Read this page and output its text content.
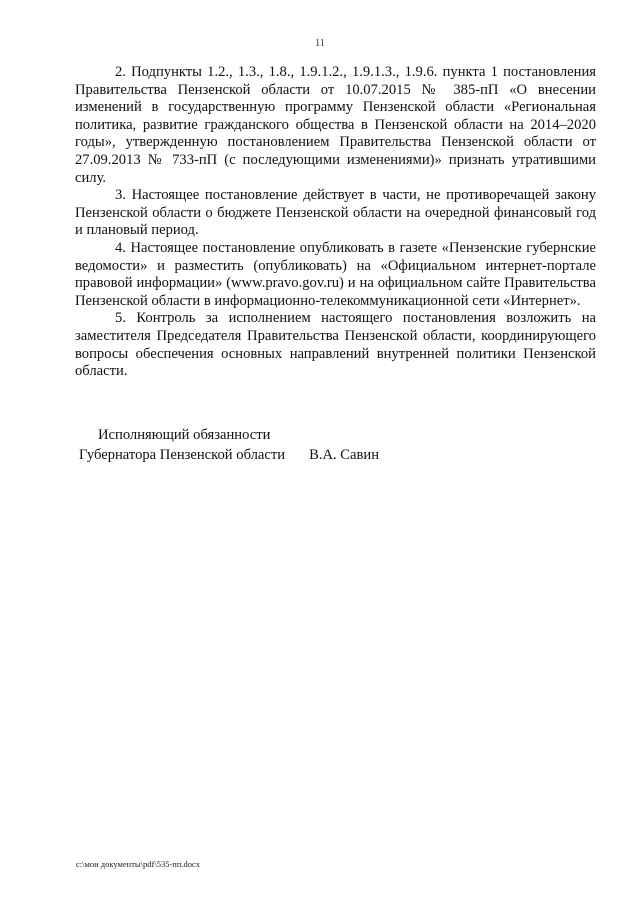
11

2. Подпункты 1.2., 1.3., 1.8., 1.9.1.2., 1.9.1.3., 1.9.6. пункта 1 постановления Правительства Пензенской области от 10.07.2015 № 385-пП «О внесении изменений в государственную программу Пензенской области «Региональная политика, развитие гражданского общества в Пензенской области на 2014–2020 годы», утвержденную постановлением Правительства Пензенской области от 27.09.2013 № 733-пП (с последующими изменениями)» признать утратившими силу.

3. Настоящее постановление действует в части, не противоречащей закону Пензенской области о бюджете Пензенской области на очередной финансовый год и плановый период.

4. Настоящее постановление опубликовать в газете «Пензенские губернские ведомости» и разместить (опубликовать) на «Официальном интернет-портале правовой информации» (www.pravo.gov.ru) и на официальном сайте Правительства Пензенской области в информационно-телекоммуникационной сети «Интернет».

5. Контроль за исполнением настоящего постановления возложить на заместителя Председателя Правительства Пензенской области, координирующего вопросы обеспечения основных направлений внутренней политики Пензенской области.

Исполняющий обязанности
Губернатора Пензенской области В.А. Савин
c:\мои документы\pdf\535-пп.docx
